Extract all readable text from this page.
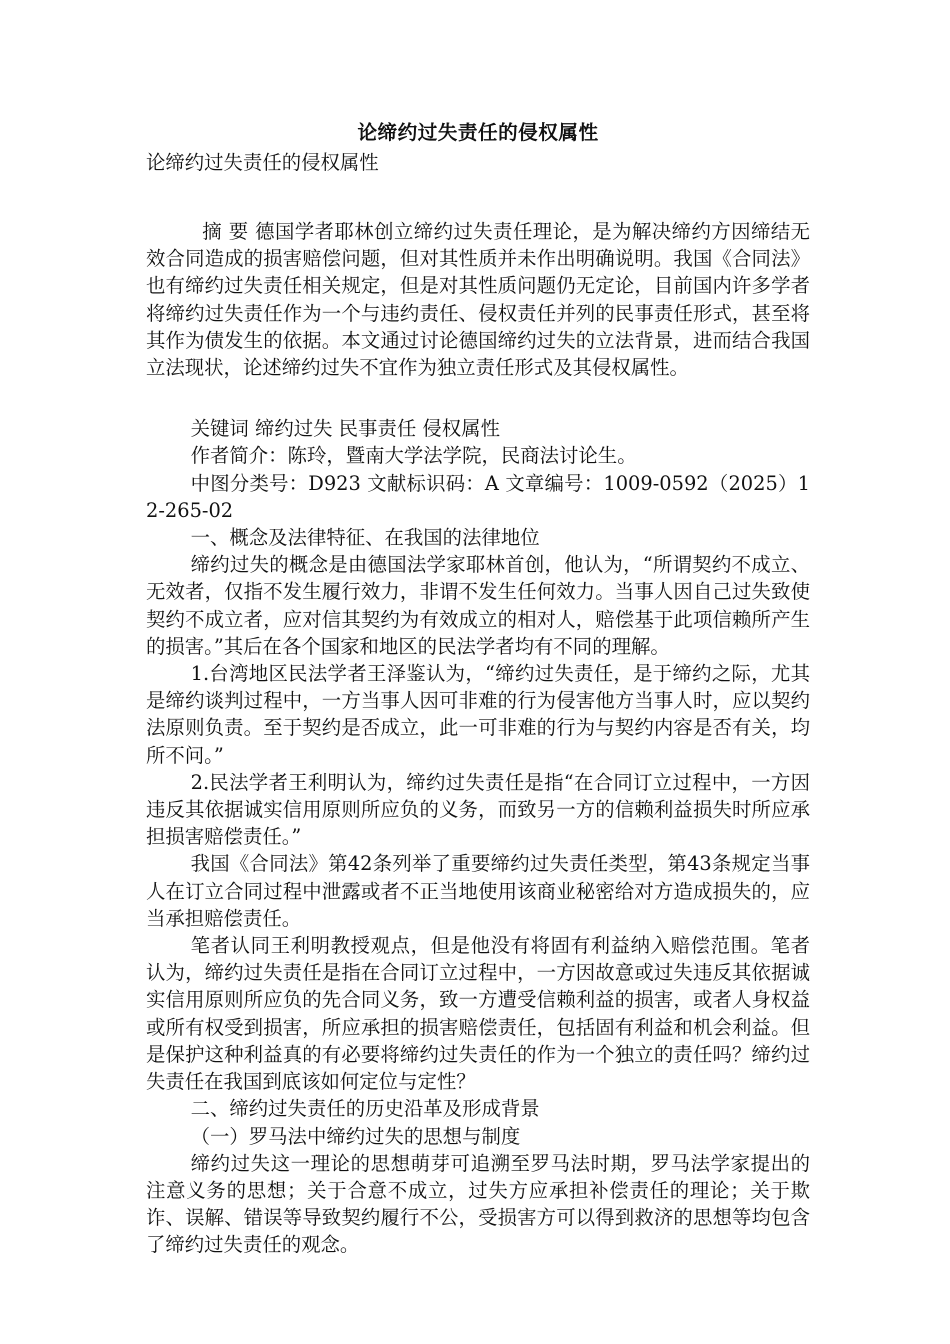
论缔约过失责任的侵权属性

论缔约过失责任的侵权属性

摘 要 德国学者耶林创立缔约过失责任理论，是为解决缔约方因缔结无效合同造成的损害赔偿问题，但对其性质并未作出明确说明。我国《合同法》也有缔约过失责任相关规定，但是对其性质问题仍无定论，目前国内许多学者将缔约过失责任作为一个与违约责任、侵权责任并列的民事责任形式，甚至将其作为债发生的依据。本文通过讨论德国缔约过失的立法背景，进而结合我国立法现状，论述缔约过失不宜作为独立责任形式及其侵权属性。

关键词 缔约过失 民事责任 侵权属性

作者简介：陈玲，暨南大学法学院，民商法讨论生。

中图分类号：D923 文献标识码：A 文章编号：1009-0592（2025）12-265-02

一、概念及法律特征、在我国的法律地位

缔约过失的概念是由德国法学家耶林首创，他认为，“所谓契约不成立、无效者，仅指不发生履行效力，非谓不发生任何效力。当事人因自己过失致使契约不成立者，应对信其契约为有效成立的相对人，赔偿基于此项信赖所产生的损害。”其后在各个国家和地区的民法学者均有不同的理解。

1.台湾地区民法学者王泽鉴认为，“缔约过失责任，是于缔约之际，尤其是缔约谈判过程中，一方当事人因可非难的行为侵害他方当事人时，应以契约法原则负责。至于契约是否成立，此一可非难的行为与契约内容是否有关，均所不问。”

2.民法学者王利明认为，缔约过失责任是指“在合同订立过程中，一方因违反其依据诚实信用原则所应负的义务，而致另一方的信赖利益损失时所应承担损害赔偿责任。”

我国《合同法》第42条列举了重要缔约过失责任类型，第43条规定当事人在订立合同过程中泄露或者不正当地使用该商业秘密给对方造成损失的，应当承担赔偿责任。

笔者认同王利明教授观点，但是他没有将固有利益纳入赔偿范围。笔者认为，缔约过失责任是指在合同订立过程中，一方因故意或过失违反其依据诚实信用原则所应负的先合同义务，致一方遭受信赖利益的损害，或者人身权益或所有权受到损害，所应承担的损害赔偿责任，包括固有利益和机会利益。但是保护这种利益真的有必要将缔约过失责任的作为一个独立的责任吗？缔约过失责任在我国到底该如何定位与定性？

二、缔约过失责任的历史沿革及形成背景

（一）罗马法中缔约过失的思想与制度

缔约过失这一理论的思想萌芽可追溯至罗马法时期，罗马法学家提出的注意义务的思想；关于合意不成立，过失方应承担补偿责任的理论；关于欺诈、误解、错误等导致契约履行不公，受损害方可以得到救济的思想等均包含了缔约过失责任的观念。
